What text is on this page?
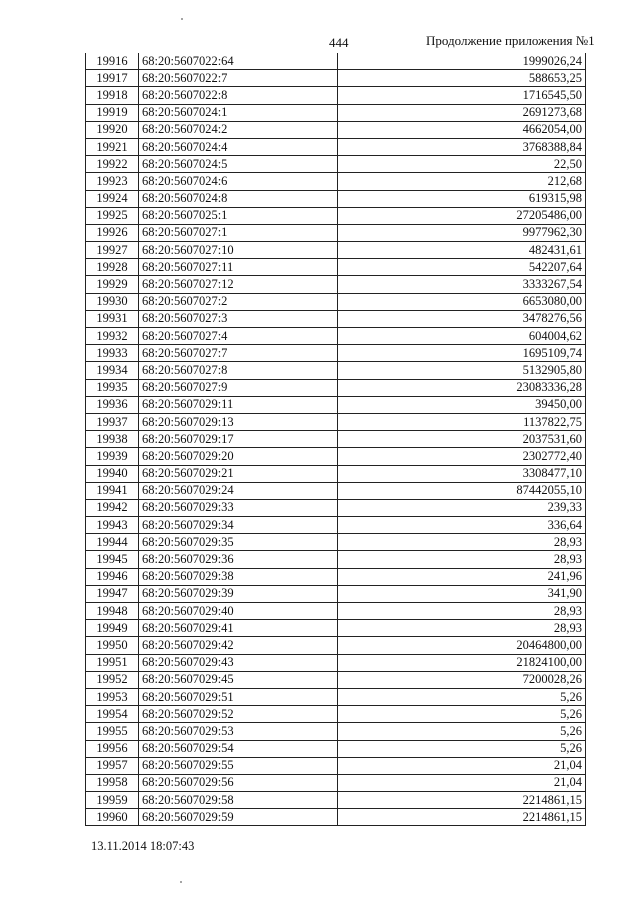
444	Продолжение приложения №1
19916	68:20:5607022:64	1999026,24
19917	68:20:5607022:7	588653,25
19918	68:20:5607022:8	1716545,50
19919	68:20:5607024:1	2691273,68
19920	68:20:5607024:2	4662054,00
19921	68:20:5607024:4	3768388,84
19922	68:20:5607024:5	22,50
19923	68:20:5607024:6	212,68
19924	68:20:5607024:8	619315,98
19925	68:20:5607025:1	27205486,00
19926	68:20:5607027:1	9977962,30
19927	68:20:5607027:10	482431,61
19928	68:20:5607027:11	542207,64
19929	68:20:5607027:12	3333267,54
19930	68:20:5607027:2	6653080,00
19931	68:20:5607027:3	3478276,56
19932	68:20:5607027:4	604004,62
19933	68:20:5607027:7	1695109,74
19934	68:20:5607027:8	5132905,80
19935	68:20:5607027:9	23083336,28
19936	68:20:5607029:11	39450,00
19937	68:20:5607029:13	1137822,75
19938	68:20:5607029:17	2037531,60
19939	68:20:5607029:20	2302772,40
19940	68:20:5607029:21	3308477,10
19941	68:20:5607029:24	87442055,10
19942	68:20:5607029:33	239,33
19943	68:20:5607029:34	336,64
19944	68:20:5607029:35	28,93
19945	68:20:5607029:36	28,93
19946	68:20:5607029:38	241,96
19947	68:20:5607029:39	341,90
19948	68:20:5607029:40	28,93
19949	68:20:5607029:41	28,93
19950	68:20:5607029:42	20464800,00
19951	68:20:5607029:43	21824100,00
19952	68:20:5607029:45	7200028,26
19953	68:20:5607029:51	5,26
19954	68:20:5607029:52	5,26
19955	68:20:5607029:53	5,26
19956	68:20:5607029:54	5,26
19957	68:20:5607029:55	21,04
19958	68:20:5607029:56	21,04
19959	68:20:5607029:58	2214861,15
19960	68:20:5607029:59	2214861,15
13.11.2014 18:07:43
